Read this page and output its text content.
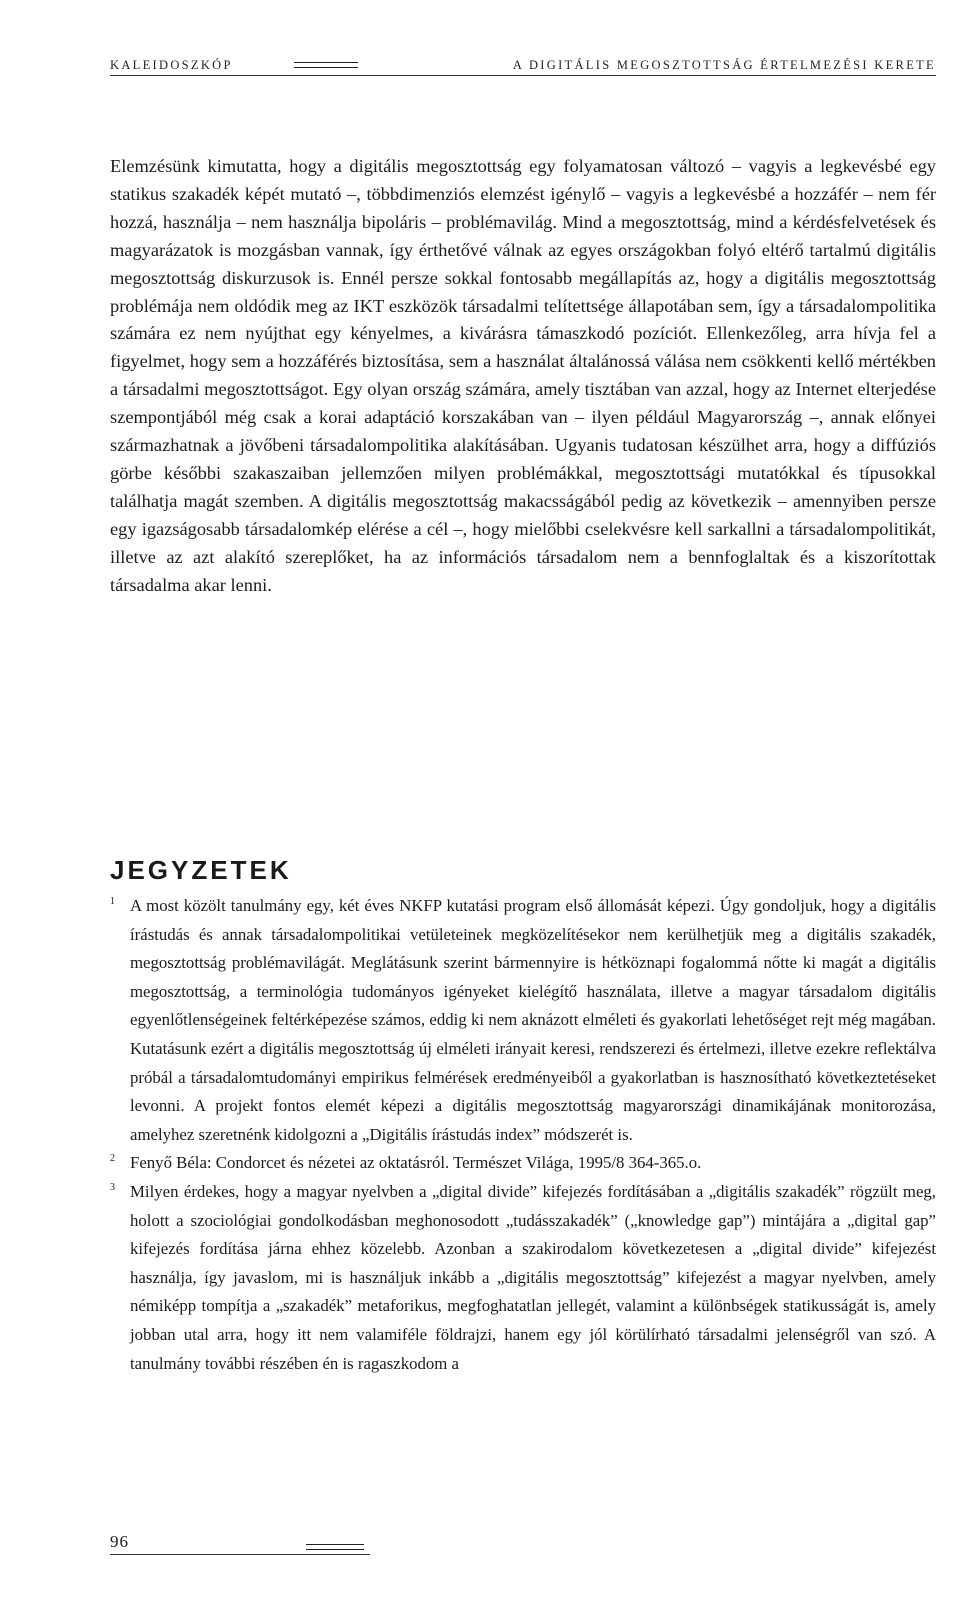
KALEIDOSZKÓP	A DIGITÁLIS MEGOSZTOTTSÁG ÉRTELMEZÉSI KERETE

Elemzésünk kimutatta, hogy a digitális megosztottság egy folyamatosan változó – vagyis a legkevésbé egy statikus szakadék képét mutató –, többdimenziós elemzést igénylő – vagyis a legkevésbé a hozzáfér – nem fér hozzá, használja – nem használja bipoláris – problémavilág. Mind a megosztottság, mind a kérdésfelvetések és magyarázatok is mozgásban vannak, így érthetővé válnak az egyes országokban folyó eltérő tartalmú digitális megosztottság diskurzusok is. Ennél persze sokkal fontosabb megállapítás az, hogy a digitális megosztottság problémája nem oldódik meg az IKT eszközök társadalmi telítettsége állapotában sem, így a társadalompolitika számára ez nem nyújthat egy kényelmes, a kivárásra támaszkodó pozíciót. Ellenkezőleg, arra hívja fel a figyelmet, hogy sem a hozzáférés biztosítása, sem a használat általánossá válása nem csökkenti kellő mértékben a társadalmi megosztottságot. Egy olyan ország számára, amely tisztában van azzal, hogy az Internet elterjedése szempontjából még csak a korai adaptáció korszakában van – ilyen például Magyarország –, annak előnyei származhatnak a jövőbeni társadalompolitika alakításában. Ugyanis tudatosan készülhet arra, hogy a diffúziós görbe későbbi szakaszaiban jellemzően milyen problémákkal, megosztottsági mutatókkal és típusokkal találhatja magát szemben. A digitális megosztottság makacsságából pedig az következik – amennyiben persze egy igazságosabb társadalomkép elérése a cél –, hogy mielőbbi cselekvésre kell sarkallni a társadalompolitikát, illetve az azt alakító szereplőket, ha az információs társadalom nem a bennfoglaltak és a kiszorítottak társadalma akar lenni.

JEGYZETEK

1 A most közölt tanulmány egy, két éves NKFP kutatási program első állomását képezi. Úgy gondoljuk, hogy a digitális írástudás és annak társadalompolitikai vetületeinek megközelítésekor nem kerülhetjük meg a digitális szakadék, megosztottság problémavilágát. Meglátásunk szerint bármennyire is hétköznapi fogalommá nőtte ki magát a digitális megosztottság, a terminológia tudományos igényeket kielégítő használata, illetve a magyar társadalom digitális egyenlőtlenségeinek feltérképezése számos, eddig ki nem aknázott elméleti és gyakorlati lehetőséget rejt még magában. Kutatásunk ezért a digitális megosztottság új elméleti irányait keresi, rendszerezi és értelmezi, illetve ezekre reflektálva próbál a társadalomtudományi empirikus felmérések eredményeiből a gyakorlatban is hasznosítható következtetéseket levonni. A projekt fontos elemét képezi a digitális megosztottság magyarországi dinamikájának monitorozása, amelyhez szeretnénk kidolgozni a „Digitális írástudás index” módszerét is.

2 Fenyő Béla: Condorcet és nézetei az oktatásról. Természet Világa, 1995/8 364-365.o.

3 Milyen érdekes, hogy a magyar nyelvben a „digital divide” kifejezés fordításában a „digitális szakadék” rögzült meg, holott a szociológiai gondolkodásban meghonosodott „tudásszakadék” („knowledge gap”) mintájára a „digital gap” kifejezés fordítása járna ehhez közelebb. Azonban a szakirodalom következetesen a „digital divide” kifejezést használja, így javaslom, mi is használjuk inkább a „digitális megosztottság” kifejezést a magyar nyelvben, amely némiképp tompítja a „szakadék” metaforikus, megfoghatatlan jellegét, valamint a különbségek statikusságát is, amely jobban utal arra, hogy itt nem valamiféle földrajzi, hanem egy jól körülírható társadalmi jelenségről van szó. A tanulmány további részében én is ragaszkodom a

96
